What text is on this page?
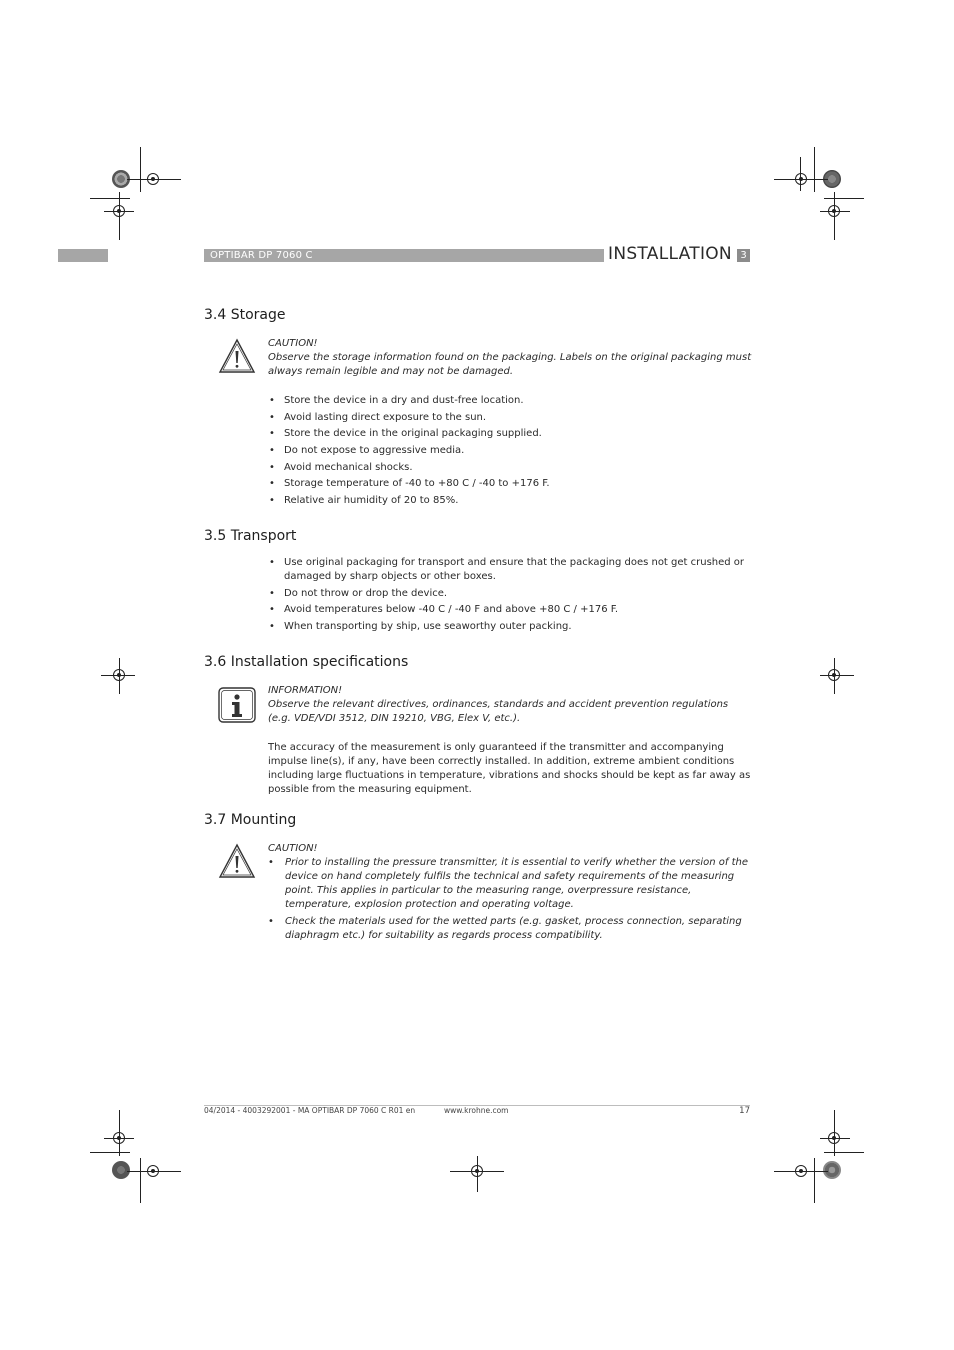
OPTIBAR DP 7060 C	INSTALLATION 3
3.4 Storage
CAUTION!
Observe the storage information found on the packaging. Labels on the original packaging must always remain legible and may not be damaged.
• Store the device in a dry and dust-free location.
• Avoid lasting direct exposure to the sun.
• Store the device in the original packaging supplied.
• Do not expose to aggressive media.
• Avoid mechanical shocks.
• Storage temperature of -40 to +80 C / -40 to +176 F.
• Relative air humidity of 20 to 85%.
3.5 Transport
• Use original packaging for transport and ensure that the packaging does not get crushed or damaged by sharp objects or other boxes.
• Do not throw or drop the device.
• Avoid temperatures below -40 C / -40 F and above +80 C / +176 F.
• When transporting by ship, use seaworthy outer packing.
3.6 Installation specifications
INFORMATION!
Observe the relevant directives, ordinances, standards and accident prevention regulations (e.g. VDE/VDI 3512, DIN 19210, VBG, Elex V, etc.).

The accuracy of the measurement is only guaranteed if the transmitter and accompanying impulse line(s), if any, have been correctly installed. In addition, extreme ambient conditions including large fluctuations in temperature, vibrations and shocks should be kept as far away as possible from the measuring equipment.

3.7 Mounting
CAUTION!
• Prior to installing the pressure transmitter, it is essential to verify whether the version of the device on hand completely fulfils the technical and safety requirements of the measuring point. This applies in particular to the measuring range, overpressure resistance, temperature, explosion protection and operating voltage.
• Check the materials used for the wetted parts (e.g. gasket, process connection, separating diaphragm etc.) for suitability as regards process compatibility.
04/2014 - 4003292001 - MA OPTIBAR DP 7060 C R01 en	www.krohne.com	17
